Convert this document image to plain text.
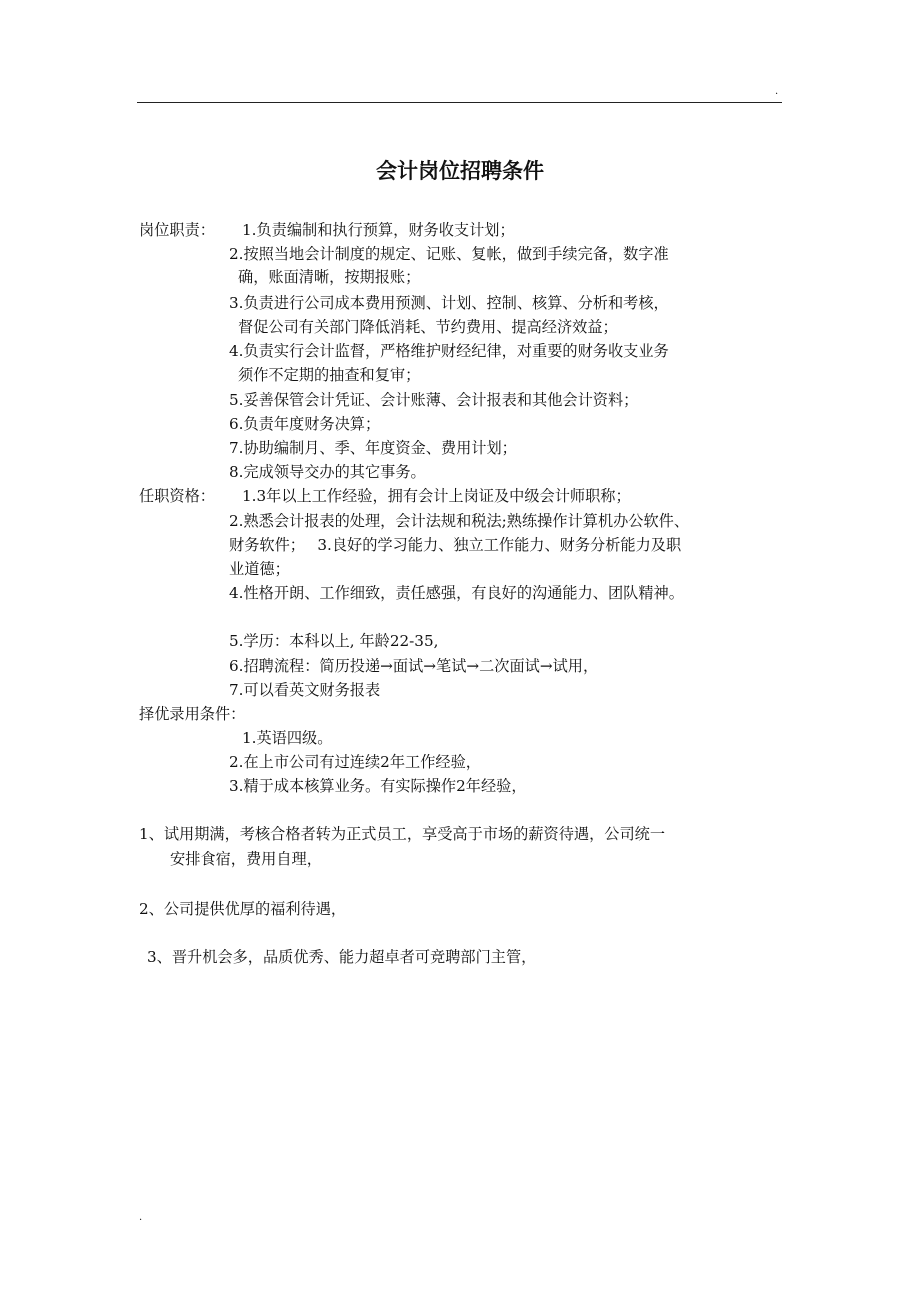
.
会计岗位招聘条件
岗位职责： 1.负责编制和执行预算，财务收支计划；
2.按照当地会计制度的规定、记账、复帐，做到手续完备，数字准
确，账面清晰，按期报账；
3.负责进行公司成本费用预测、计划、控制、核算、分析和考核，
督促公司有关部门降低消耗、节约费用、提高经济效益；
4.负责实行会计监督，严格维护财经纪律，对重要的财务收支业务
须作不定期的抽查和复审；
5.妥善保管会计凭证、会计账薄、会计报表和其他会计资料；
6.负责年度财务决算；
7.协助编制月、季、年度资金、费用计划；
8.完成领导交办的其它事务。
任职资格： 1.3年以上工作经验，拥有会计上岗证及中级会计师职称；
2.熟悉会计报表的处理，会计法规和税法;熟练操作计算机办公软件、
财务软件；　 3.良好的学习能力、独立工作能力、财务分析能力及职
业道德；
4.性格开朗、工作细致，责任感强，有良好的沟通能力、团队精神。
5.学历：本科以上, 年龄22-35,
6.招聘流程：简历投递→面试→笔试→二次面试→试用，
7.可以看英文财务报表
择优录用条件：
1.英语四级。
2.在上市公司有过连续2年工作经验，
3.精于成本核算业务。有实际操作2年经验，
1、试用期满，考核合格者转为正式员工，享受高于市场的薪资待遇，公司统一
安排食宿，费用自理，
2、公司提供优厚的福利待遇，
3、晋升机会多，品质优秀、能力超卓者可竞聘部门主管，
.
